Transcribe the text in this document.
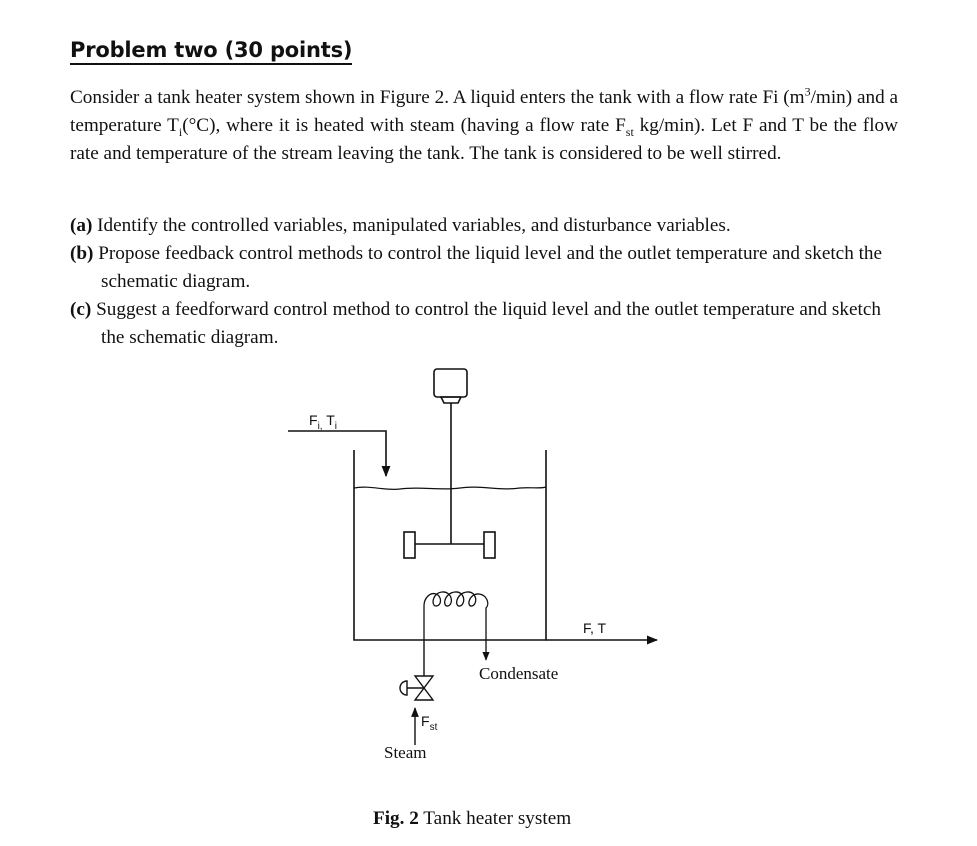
Problem two (30 points)

Consider a tank heater system shown in Figure 2. A liquid enters the tank with a flow rate Fi $(m^3/\min)$ and a temperature $T_i(^\circ C)$, where it is heated with steam (having a flow rate $F_{st}$ kg/min). Let F and T be the flow rate and temperature of the stream leaving the tank. The tank is considered to be well stirred.

(a) Identify the controlled variables, manipulated variables, and disturbance variables.
(b) Propose feedback control methods to control the liquid level and the outlet temperature and sketch the schematic diagram.
(c) Suggest a feedforward control method to control the liquid level and the outlet temperature and sketch the schematic diagram.
$F_{i,}$ $T_i$
F, T
Condensate
$F_{st}$
Steam
Fig. 2 Tank heater system
